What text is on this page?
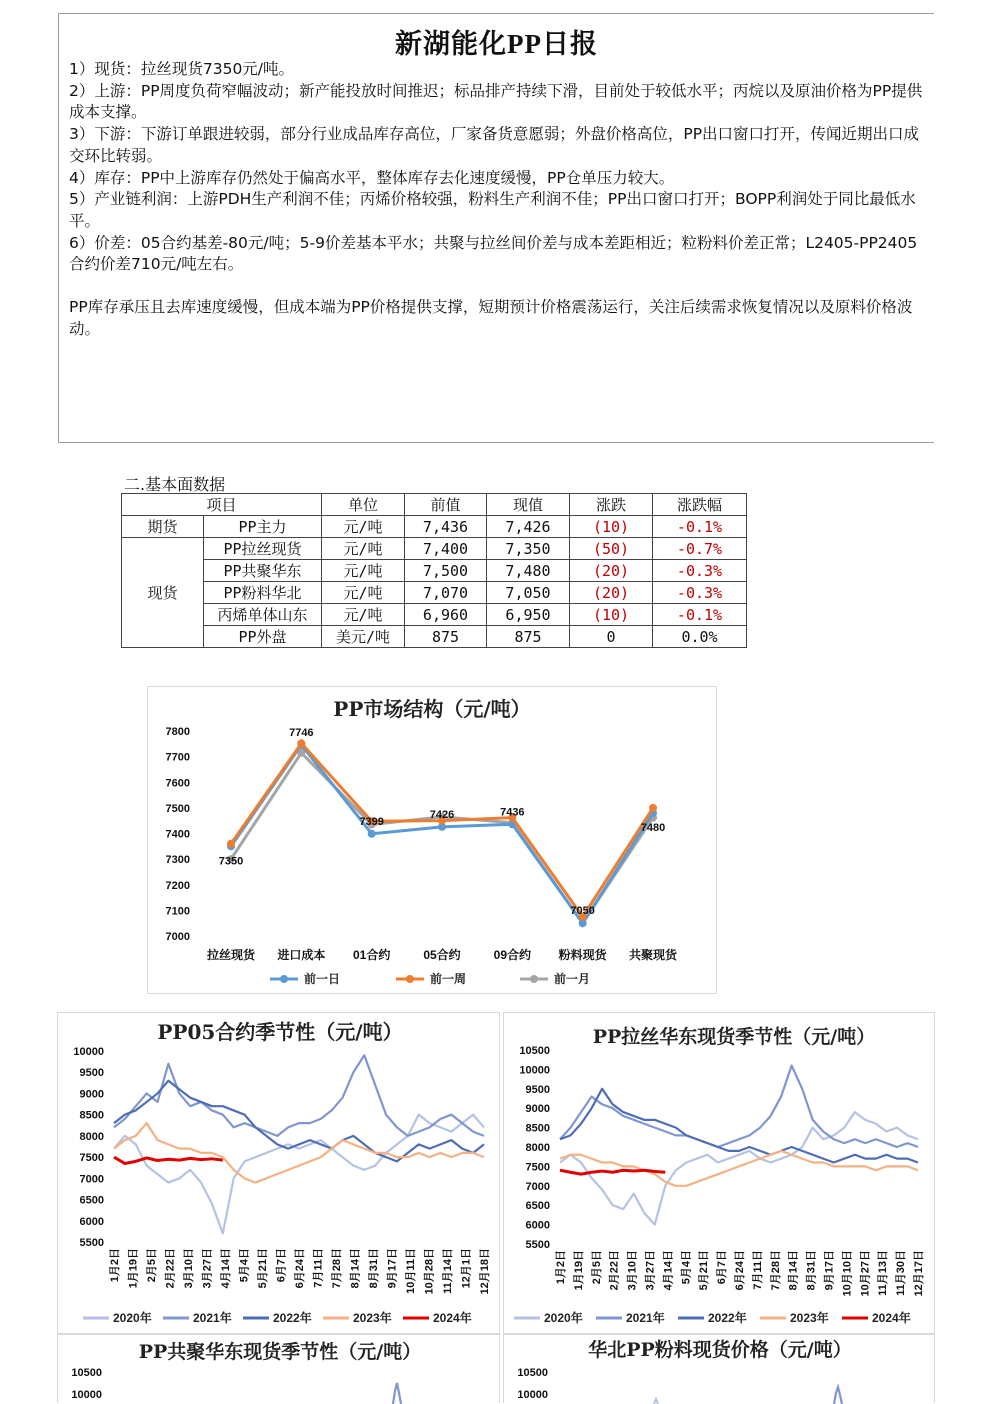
新湖能化PP日报

1）现货：拉丝现货7350元/吨。

2）上游：PP周度负荷窄幅波动；新产能投放时间推迟；标品排产持续下滑，目前处于较低水平；丙烷以及原油价格为PP提供成本支撑。

3）下游：下游订单跟进较弱，部分行业成品库存高位，厂家备货意愿弱；外盘价格高位，PP出口窗口打开，传闻近期出口成交环比转弱。

4）库存：PP中上游库存仍然处于偏高水平，整体库存去化速度缓慢，PP仓单压力较大。

5）产业链利润：上游PDH生产利润不佳；丙烯价格较强，粉料生产利润不佳；PP出口窗口打开；BOPP利润处于同比最低水平。

6）价差：05合约基差-80元/吨；5-9价差基本平水；共聚与拉丝间价差与成本差距相近；粒粉料价差正常；L2405-PP2405合约价差710元/吨左右。

PP库存承压且去库速度缓慢，但成本端为PP价格提供支撑，短期预计价格震荡运行，关注后续需求恢复情况以及原料价格波动。

二.基本面数据
项目		单位	前值	现值	涨跌	涨跌幅
期货	PP主力	元/吨	7,436	7,426	(10)	-0.1%
现货	PP拉丝现货	元/吨	7,400	7,350	(50)	-0.7%
	PP共聚华东	元/吨	7,500	7,480	(20)	-0.3%
	PP粉料华北	元/吨	7,070	7,050	(20)	-0.3%
	丙烯单体山东	元/吨	6,960	6,950	(10)	-0.1%
	PP外盘	美元/吨	875	875	0	0.0%
PP市场结构（元/吨）
7800
7700
7600
7500
7400
7300
7200
7100
7000
拉丝现货 进口成本 01合约	05合约	09合约 粉料现货 共聚现货
7350
7746
7399
7426	7436
7050
7480
前一日	前一周	前一月
PP05合约季节性（元/吨）
10000
9500
9000
8500
8000
7500
7000
6500
6000
5500
1月2日 1月19日 2月5日 2月22日 3月10日 3月27日 4月14日 5月4日 5月21日 6月7日 6月24日 7月11日 7月28日 8月14日 8月31日 9月17日 10月11日 10月28日 11月14日 12月1日 12月18日
2020年	2021年	2022年	2023年	2024年
PP拉丝华东现货季节性（元/吨）
10500
10000
9500
9000
8500
8000
7500
7000
6500
6000
5500
1月2日 1月19日 2月5日 2月22日 3月10日 3月27日 4月14日 5月4日 5月21日 6月7日 6月24日 7月11日 7月28日 8月14日 8月31日 9月17日 10月10日 10月27日 11月13日 11月30日 12月17日
2020年	2021年	2022年	2023年	2024年
PP共聚华东现货季节性（元/吨）
10500
10000
华北PP粉料现货价格（元/吨）
10500
10000
